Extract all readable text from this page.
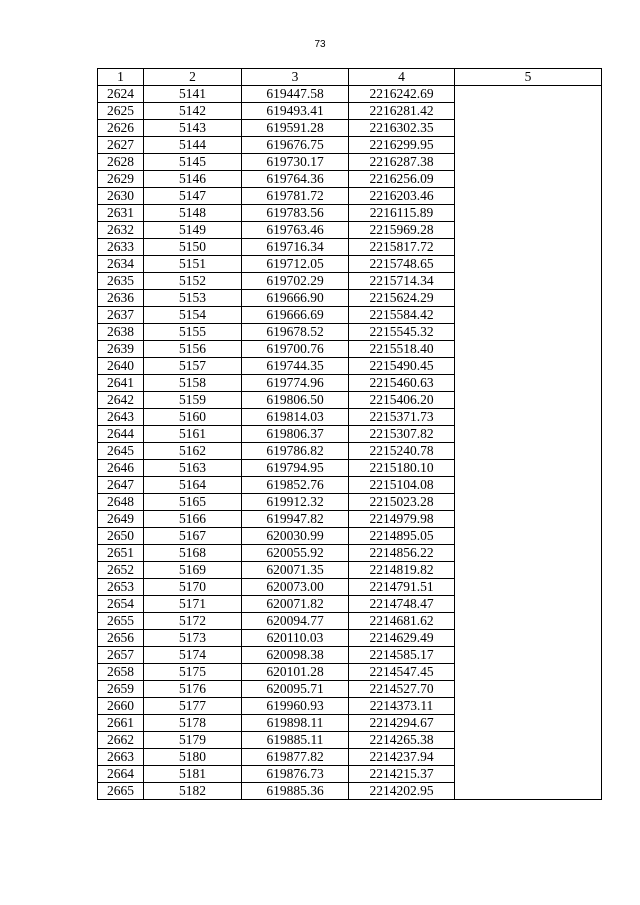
73
1	2	3	4	5
2624	5141	619447.58	2216242.69	
2625	5142	619493.41	2216281.42	
2626	5143	619591.28	2216302.35	
2627	5144	619676.75	2216299.95	
2628	5145	619730.17	2216287.38	
2629	5146	619764.36	2216256.09	
2630	5147	619781.72	2216203.46	
2631	5148	619783.56	2216115.89	
2632	5149	619763.46	2215969.28	
2633	5150	619716.34	2215817.72	
2634	5151	619712.05	2215748.65	
2635	5152	619702.29	2215714.34	
2636	5153	619666.90	2215624.29	
2637	5154	619666.69	2215584.42	
2638	5155	619678.52	2215545.32	
2639	5156	619700.76	2215518.40	
2640	5157	619744.35	2215490.45	
2641	5158	619774.96	2215460.63	
2642	5159	619806.50	2215406.20	
2643	5160	619814.03	2215371.73	
2644	5161	619806.37	2215307.82	
2645	5162	619786.82	2215240.78	
2646	5163	619794.95	2215180.10	
2647	5164	619852.76	2215104.08	
2648	5165	619912.32	2215023.28	
2649	5166	619947.82	2214979.98	
2650	5167	620030.99	2214895.05	
2651	5168	620055.92	2214856.22	
2652	5169	620071.35	2214819.82	
2653	5170	620073.00	2214791.51	
2654	5171	620071.82	2214748.47	
2655	5172	620094.77	2214681.62	
2656	5173	620110.03	2214629.49	
2657	5174	620098.38	2214585.17	
2658	5175	620101.28	2214547.45	
2659	5176	620095.71	2214527.70	
2660	5177	619960.93	2214373.11	
2661	5178	619898.11	2214294.67	
2662	5179	619885.11	2214265.38	
2663	5180	619877.82	2214237.94	
2664	5181	619876.73	2214215.37	
2665	5182	619885.36	2214202.95	
